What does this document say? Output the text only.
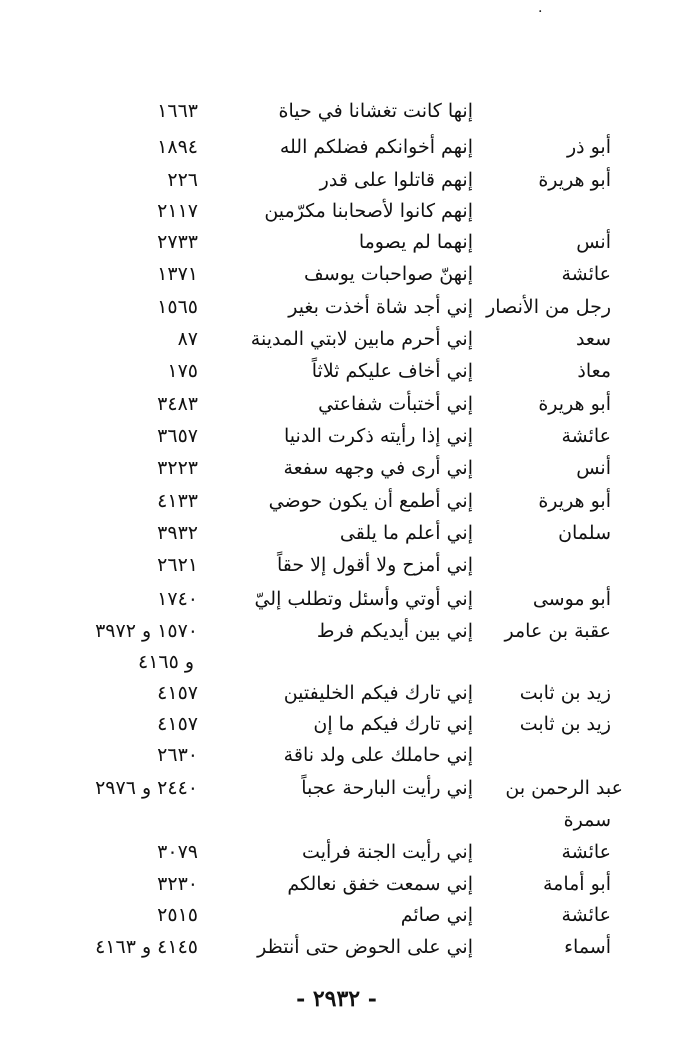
.
إنها كانت تغشانا في حياة
١٦٦٣
أبو ذر
إنهم أخوانكم فضلكم الله
١٨٩٤
أبو هريرة
إنهم قاتلوا على قدر
٢٢٦
إنهم كانوا لأصحابنا مكرّمين
٢١١٧
أنس
إنهما لم يصوما
٢٧٣٣
عائشة
إنهنّ صواحبات يوسف
١٣٧١
رجل من الأنصار
إني أجد شاة أخذت بغير
١٥٦٥
سعد
إني أحرم مابين لابتي المدينة
٨٧
معاذ
إني أخاف عليكم ثلاثاً
١٧٥
أبو هريرة
إني أختبأت شفاعتي
٣٤٨٣
عائشة
إني إذا رأيته ذكرت الدنيا
٣٦٥٧
أنس
إني أرى في وجهه سفعة
٣٢٢٣
أبو هريرة
إني أطمع أن يكون حوضي
٤١٣٣
سلمان
إني أعلم ما يلقى
٣٩٣٢
إني أمزح ولا أقول إلا حقاً
٢٦٢١
أبو موسى
إني أوتي وأسئل وتطلب إليّ
١٧٤٠
عقبة بن عامر
إني بين أيديكم فرط
١٥٧٠ و ٣٩٧٢
و ٤١٦٥
زيد بن ثابت
إني تارك فيكم الخليفتين
٤١٥٧
زيد بن ثابت
إني تارك فيكم ما إن
٤١٥٧
إني حاملك على ولد ناقة
٢٦٣٠
عبد الرحمن بن
إني رأيت البارحة عجباً
٢٤٤٠ و ٢٩٧٦
سمرة
عائشة
إني رأيت الجنة فرأيت
٣٠٧٩
أبو أمامة
إني سمعت خفق نعالكم
٣٢٣٠
عائشة
إني صائم
٢٥١٥
أسماء
إني على الحوض حتى أنتظر
٤١٤٥ و ٤١٦٣
- ٢٩٣٢ -
